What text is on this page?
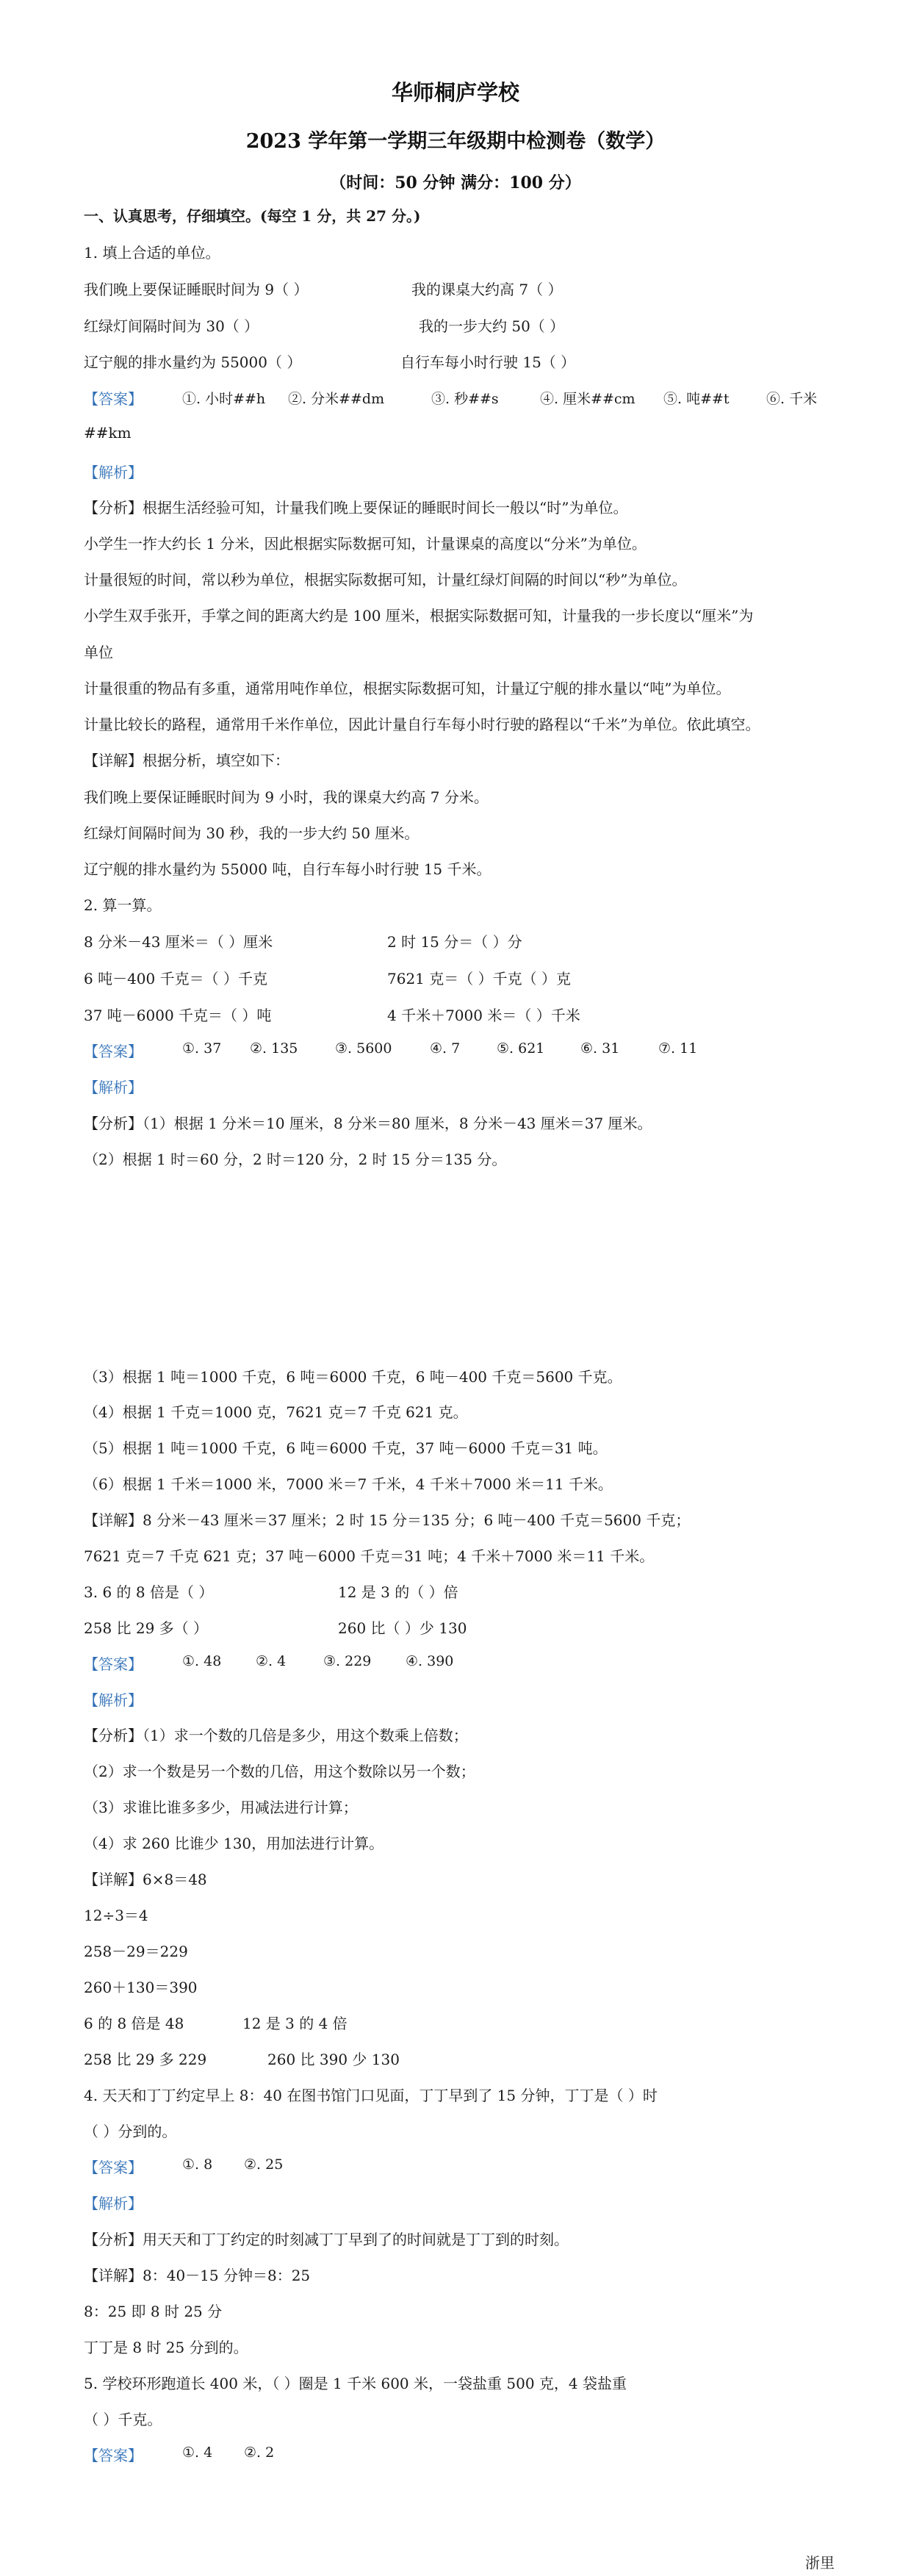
华师桐庐学校
2023 学年第一学期三年级期中检测卷（数学）
（时间：50 分钟 满分：100 分）
一、认真思考，仔细填空。(每空 1 分，共 27 分。)
1. 填上合适的单位。
我们晚上要保证睡眠时间为 9（ ）	我的课桌大约高 7（ ）
红绿灯间隔时间为 30（ ）	我的一步大约 50（ ）
辽宁舰的排水量约为 55000（ ）	自行车每小时行驶 15（ ）
【答案】	①. 小时##h ②. 分米##dm	③. 秒##s	④. 厘米##cm ⑤. 吨##t	⑥. 千米
##km
【解析】
【分析】根据生活经验可知，计量我们晚上要保证的睡眠时间长一般以“时”为单位。
小学生一拃大约长 1 分米，因此根据实际数据可知，计量课桌的高度以“分米”为单位。
计量很短的时间，常以秒为单位，根据实际数据可知，计量红绿灯间隔的时间以“秒”为单位。
小学生双手张开，手掌之间的距离大约是 100 厘米，根据实际数据可知，计量我的一步长度以“厘米”为
单位
计量很重的物品有多重，通常用吨作单位，根据实际数据可知，计量辽宁舰的排水量以“吨”为单位。
计量比较长的路程，通常用千米作单位，因此计量自行车每小时行驶的路程以“千米”为单位。依此填空。
【详解】根据分析，填空如下：
我们晚上要保证睡眠时间为 9 小时，我的课桌大约高 7 分米。
红绿灯间隔时间为 30 秒，我的一步大约 50 厘米。
辽宁舰的排水量约为 55000 吨，自行车每小时行驶 15 千米。
2. 算一算。
8 分米－43 厘米＝（ ）厘米	2 时 15 分＝（ ）分
6 吨－400 千克＝（ ）千克	7621 克＝（ ）千克（ ）克
37 吨－6000 千克＝（ ）吨	4 千米＋7000 米＝（ ）千米
【答案】	①. 37 ②. 135	③. 5600	④. 7	⑤. 621	⑥. 31	⑦. 11
【解析】
【分析】（1）根据 1 分米＝10 厘米，8 分米＝80 厘米，8 分米－43 厘米＝37 厘米。
（2）根据 1 时＝60 分，2 时＝120 分，2 时 15 分＝135 分。
（3）根据 1 吨＝1000 千克，6 吨＝6000 千克，6 吨－400 千克＝5600 千克。
（4）根据 1 千克＝1000 克，7621 克＝7 千克 621 克。
（5）根据 1 吨＝1000 千克，6 吨＝6000 千克，37 吨－6000 千克＝31 吨。
（6）根据 1 千米＝1000 米，7000 米＝7 千米，4 千米＋7000 米＝11 千米。
【详解】8 分米－43 厘米＝37 厘米；2 时 15 分＝135 分；6 吨－400 千克＝5600 千克；
7621 克＝7 千克 621 克；37 吨－6000 千克＝31 吨；4 千米＋7000 米＝11 千米。
3. 6 的 8 倍是（ ）	12 是 3 的（ ）倍
258 比 29 多（ ）	260 比（ ）少 130
【答案】	①. 48 ②. 4	③. 229 ④. 390
【解析】
【分析】（1）求一个数的几倍是多少，用这个数乘上倍数；
（2）求一个数是另一个数的几倍，用这个数除以另一个数；
（3）求谁比谁多多少，用减法进行计算；
（4）求 260 比谁少 130，用加法进行计算。
【详解】6×8＝48
12÷3＝4
258－29＝229
260＋130＝390
6 的 8 倍是 48	12 是 3 的 4 倍
258 比 29 多 229	260 比 390 少 130
4. 天天和丁丁约定早上 8：40 在图书馆门口见面，丁丁早到了 15 分钟，丁丁是（ ）时
（ ）分到的。
【答案】	①. 8 ②. 25
【解析】
【分析】用天天和丁丁约定的时刻减丁丁早到了的时间就是丁丁到的时刻。
【详解】8：40－15 分钟＝8：25
8：25 即 8 时 25 分
丁丁是 8 时 25 分到的。
5. 学校环形跑道长 400 米，（ ）圈是 1 千米 600 米，一袋盐重 500 克，4 袋盐重
（ ）千克。
【答案】	①. 4 ②. 2
浙里
